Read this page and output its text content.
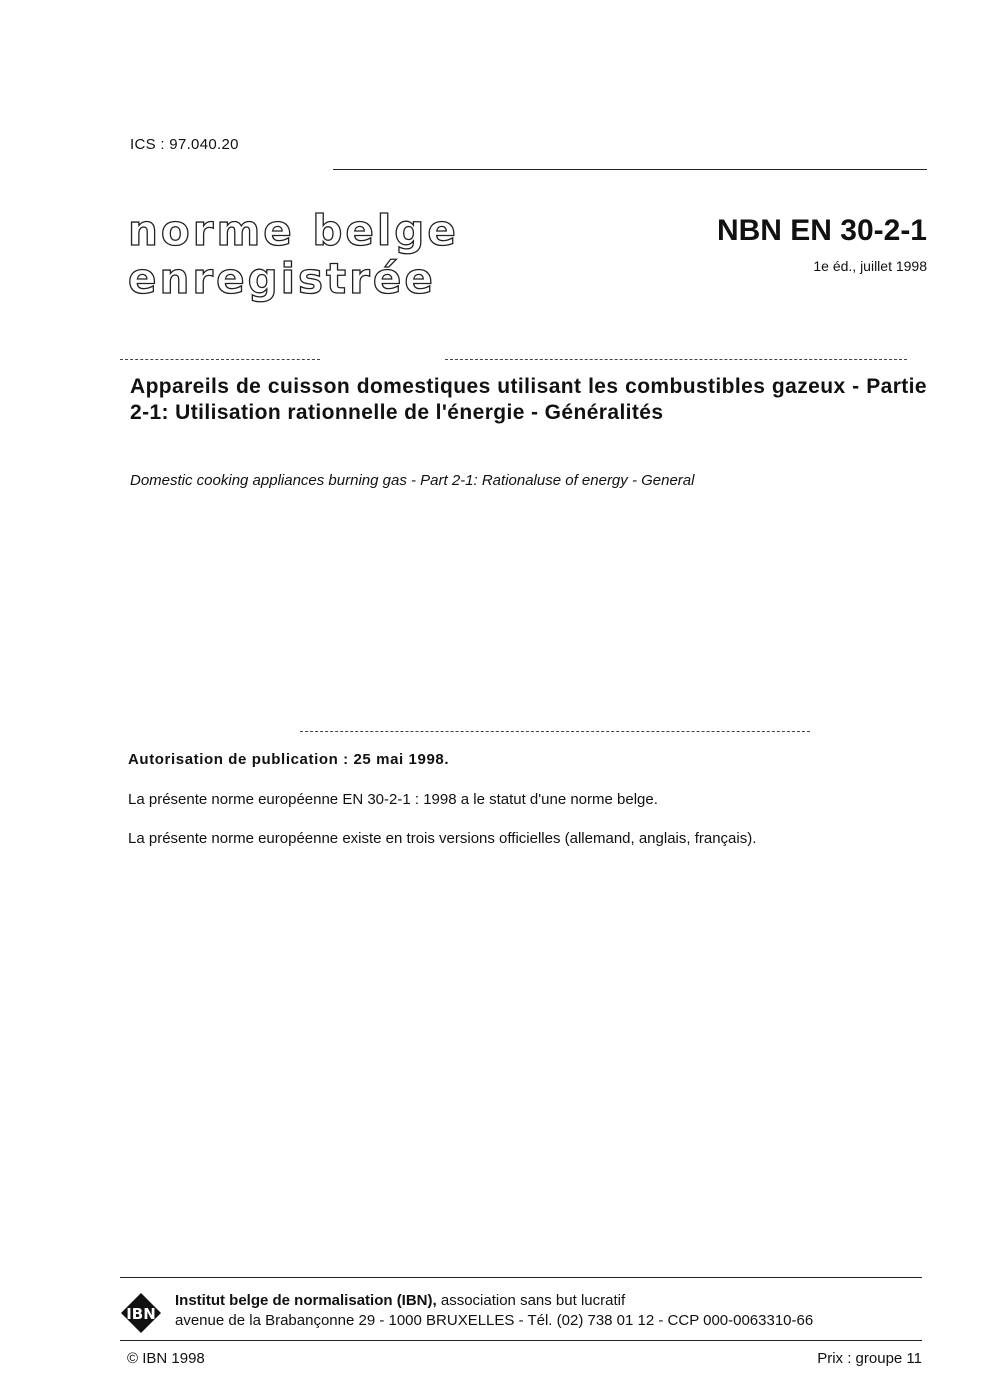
ICS : 97.040.20
norme belge
enregistrée
NBN EN 30-2-1
1e éd., juillet 1998
Appareils de cuisson domestiques utilisant les combustibles gazeux - Partie 2-1: Utilisation rationnelle de l'énergie - Généralités
Domestic cooking appliances burning gas - Part 2-1: Rationaluse of energy - General
Autorisation de publication : 25 mai 1998.
La présente norme européenne EN 30-2-1 : 1998 a le statut d'une norme belge.
La présente norme européenne existe en trois versions officielles (allemand, anglais, français).
IBN
Institut belge de normalisation (IBN), association sans but lucratif
avenue de la Brabançonne 29 - 1000 BRUXELLES - Tél. (02) 738 01 12 - CCP 000-0063310-66
© IBN 1998	Prix : groupe 11
